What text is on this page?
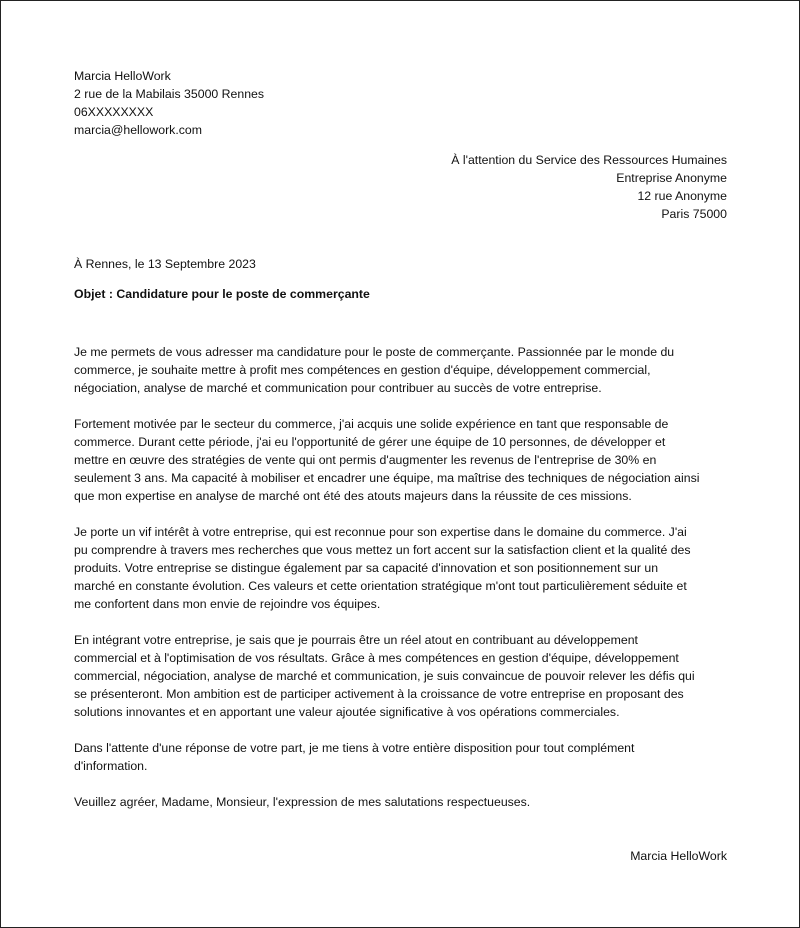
Marcia HelloWork
2 rue de la Mabilais 35000 Rennes
06XXXXXXXX
marcia@hellowork.com
À l'attention du Service des Ressources Humaines
Entreprise Anonyme
12 rue Anonyme
Paris 75000
À Rennes, le 13 Septembre 2023
Objet : Candidature pour le poste de commerçante

Je me permets de vous adresser ma candidature pour le poste de commerçante. Passionnée par le monde du
commerce, je souhaite mettre à profit mes compétences en gestion d'équipe, développement commercial,
négociation, analyse de marché et communication pour contribuer au succès de votre entreprise.

Fortement motivée par le secteur du commerce, j'ai acquis une solide expérience en tant que responsable de
commerce. Durant cette période, j'ai eu l'opportunité de gérer une équipe de 10 personnes, de développer et
mettre en œuvre des stratégies de vente qui ont permis d'augmenter les revenus de l'entreprise de 30% en
seulement 3 ans. Ma capacité à mobiliser et encadrer une équipe, ma maîtrise des techniques de négociation ainsi
que mon expertise en analyse de marché ont été des atouts majeurs dans la réussite de ces missions.

Je porte un vif intérêt à votre entreprise, qui est reconnue pour son expertise dans le domaine du commerce. J'ai
pu comprendre à travers mes recherches que vous mettez un fort accent sur la satisfaction client et la qualité des
produits. Votre entreprise se distingue également par sa capacité d'innovation et son positionnement sur un
marché en constante évolution. Ces valeurs et cette orientation stratégique m'ont tout particulièrement séduite et
me confortent dans mon envie de rejoindre vos équipes.

En intégrant votre entreprise, je sais que je pourrais être un réel atout en contribuant au développement
commercial et à l'optimisation de vos résultats. Grâce à mes compétences en gestion d'équipe, développement
commercial, négociation, analyse de marché et communication, je suis convaincue de pouvoir relever les défis qui
se présenteront. Mon ambition est de participer activement à la croissance de votre entreprise en proposant des
solutions innovantes et en apportant une valeur ajoutée significative à vos opérations commerciales.

Dans l'attente d'une réponse de votre part, je me tiens à votre entière disposition pour tout complément
d'information.

Veuillez agréer, Madame, Monsieur, l'expression de mes salutations respectueuses.

Marcia HelloWork
